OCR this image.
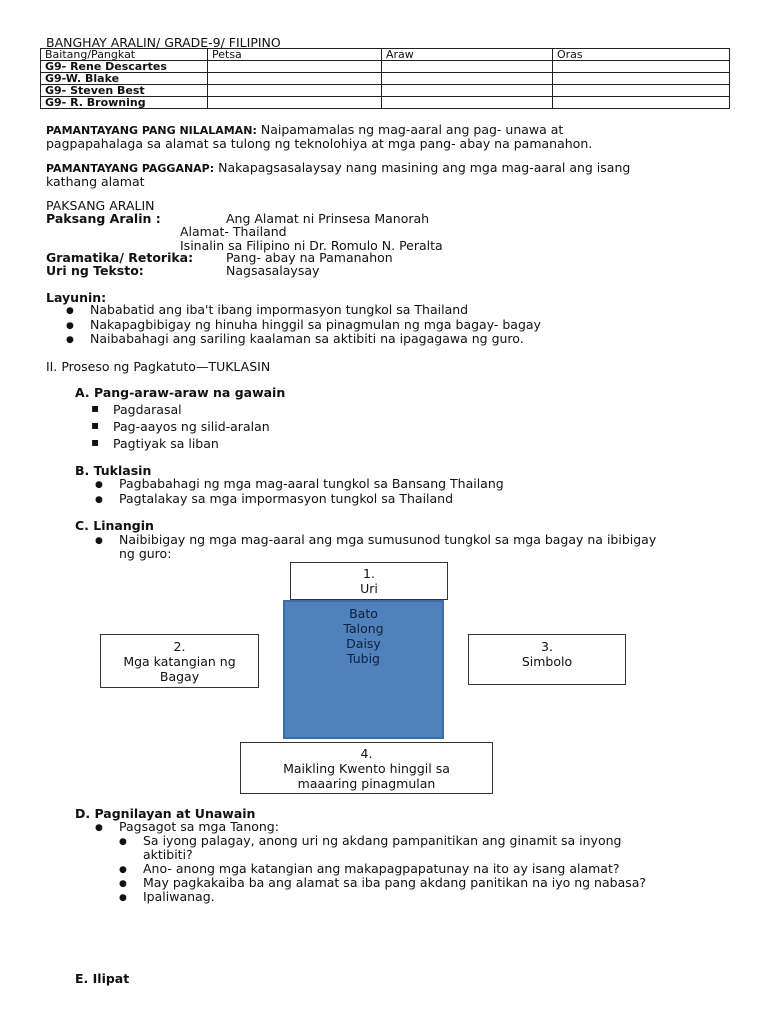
BANGHAY ARALIN/ GRADE-9/ FILIPINO
Baitang/Pangkat	Petsa	Araw	Oras
G9- Rene Descartes			
G9-W. Blake			
G9- Steven Best			
G9- R. Browning			
PAMANTAYANG PANG NILALAMAN: Naipamamalas ng mag-aaral ang pag- unawa at
pagpapahalaga sa alamat sa tulong ng teknolohiya at mga pang- abay na pamanahon.
PAMANTAYANG PAGGANAP: Nakapagsasalaysay nang masining ang mga mag-aaral ang isang
kathang alamat
PAKSANG ARALIN
Paksang Aralin :	Ang Alamat ni Prinsesa Manorah
Alamat- Thailand
Isinalin sa Filipino ni Dr. Romulo N. Peralta
Gramatika/ Retorika:	Pang- abay na Pamanahon
Uri ng Teksto:	Nagsasalaysay
Layunin:
● Nababatid ang iba't ibang impormasyon tungkol sa Thailand
● Nakapagbibigay ng hinuha hinggil sa pinagmulan ng mga bagay- bagay
● Naibabahagi ang sariling kaalaman sa aktibiti na ipagagawa ng guro.
II. Proseso ng Pagkatuto—TUKLASIN
A. Pang-araw-araw na gawain
▪ Pagdarasal
▪ Pag-aayos ng silid-aralan
▪ Pagtiyak sa liban
B. Tuklasin
● Pagbabahagi ng mga mag-aaral tungkol sa Bansang Thailang
● Pagtalakay sa mga impormasyon tungkol sa Thailand
C. Linangin
● Naibibigay ng mga mag-aaral ang mga sumusunod tungkol sa mga bagay na ibibigay
ng guro:
1.
Uri
2.
Mga katangian ng
Bagay
3.
Simbolo
Bato
Talong
Daisy
Tubig
4.
Maikling Kwento hinggil sa
maaaring pinagmulan
D. Pagnilayan at Unawain
● Pagsagot sa mga Tanong:
● Sa iyong palagay, anong uri ng akdang pampanitikan ang ginamit sa inyong
aktibiti?
● Ano- anong mga katangian ang makapagpapatunay na ito ay isang alamat?
● May pagkakaiba ba ang alamat sa iba pang akdang panitikan na iyo ng nabasa?
● Ipaliwanag.
E. Ilipat
